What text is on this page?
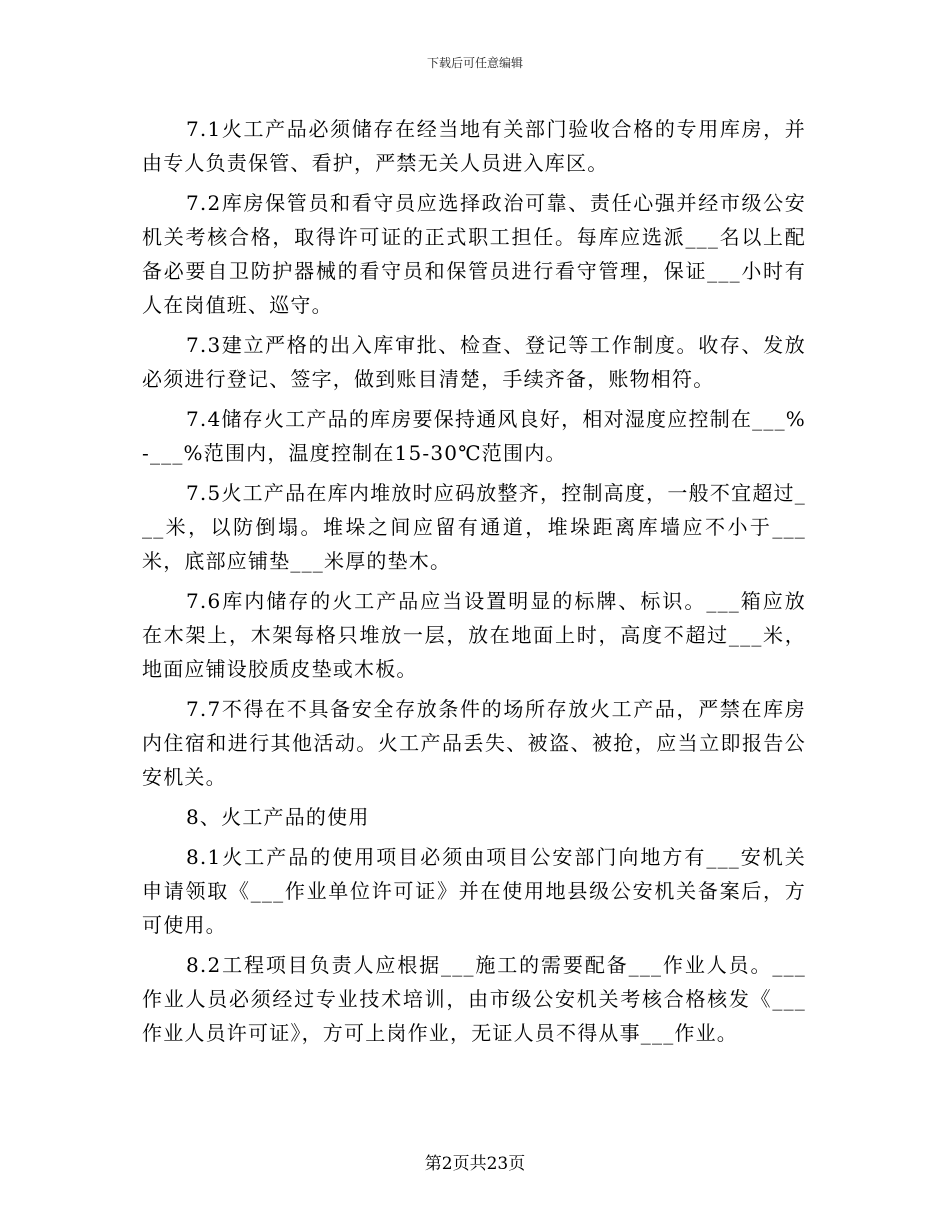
下载后可任意编辑

7.1火工产品必须储存在经当地有关部门验收合格的专用库房，并由专人负责保管、看护，严禁无关人员进入库区。

7.2库房保管员和看守员应选择政治可靠、责任心强并经市级公安机关考核合格，取得许可证的正式职工担任。每库应选派___名以上配备必要自卫防护器械的看守员和保管员进行看守管理，保证___小时有人在岗值班、巡守。

7.3建立严格的出入库审批、检查、登记等工作制度。收存、发放必须进行登记、签字，做到账目清楚，手续齐备，账物相符。

7.4储存火工产品的库房要保持通风良好，相对湿度应控制在___%-___%范围内，温度控制在15-30℃范围内。

7.5火工产品在库内堆放时应码放整齐，控制高度，一般不宜超过___米，以防倒塌。堆垛之间应留有通道，堆垛距离库墙应不小于___米，底部应铺垫___米厚的垫木。

7.6库内储存的火工产品应当设置明显的标牌、标识。___箱应放在木架上，木架每格只堆放一层，放在地面上时，高度不超过___米，地面应铺设胶质皮垫或木板。

7.7不得在不具备安全存放条件的场所存放火工产品，严禁在库房内住宿和进行其他活动。火工产品丢失、被盗、被抢，应当立即报告公安机关。

8、火工产品的使用

8.1火工产品的使用项目必须由项目公安部门向地方有___安机关申请领取《___作业单位许可证》并在使用地县级公安机关备案后，方可使用。

8.2工程项目负责人应根据___施工的需要配备___作业人员。___作业人员必须经过专业技术培训，由市级公安机关考核合格核发《___作业人员许可证》，方可上岗作业，无证人员不得从事___作业。

第2页共23页
